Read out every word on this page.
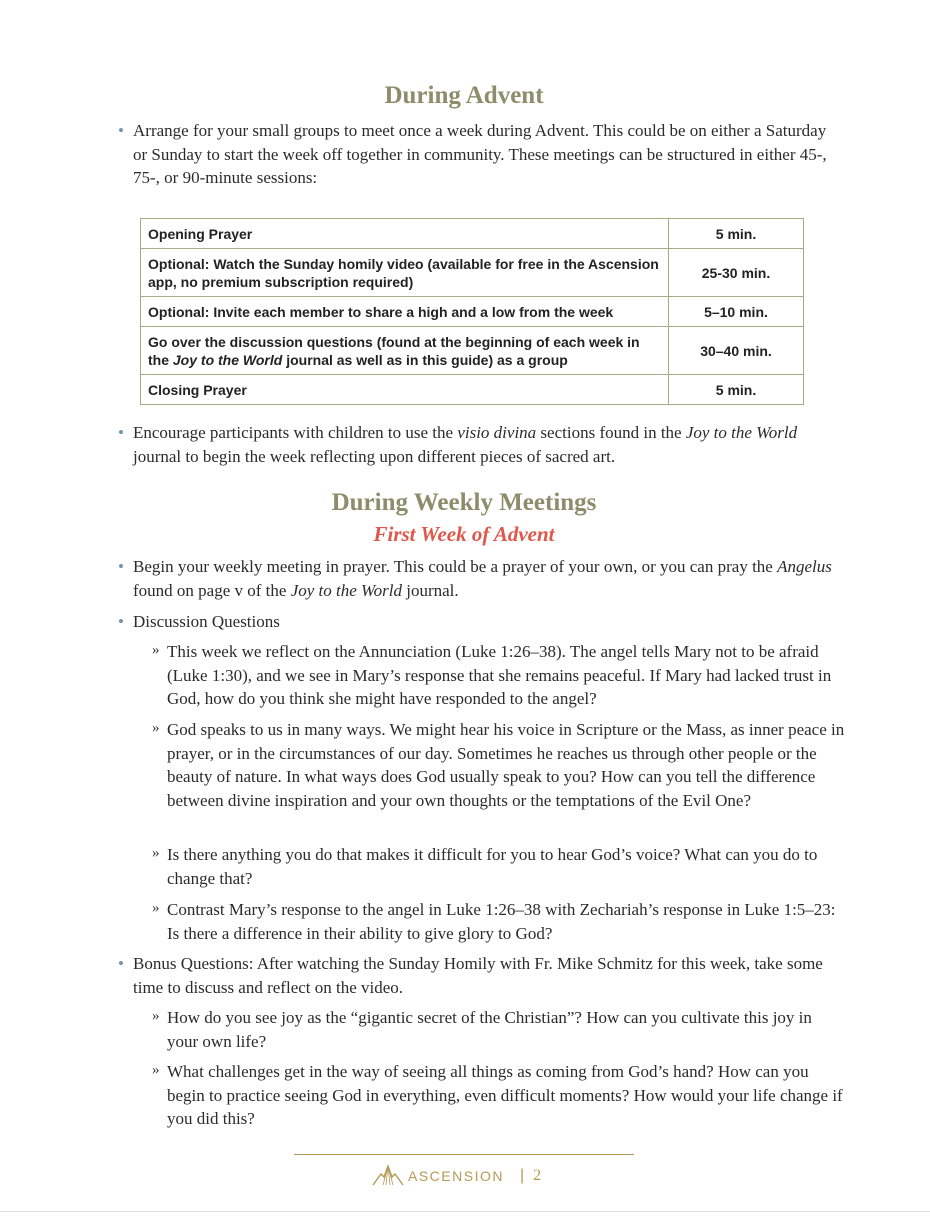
During Advent
• Arrange for your small groups to meet once a week during Advent. This could be on either a Saturday or Sunday to start the week off together in community. These meetings can be structured in either 45-, 75-, or 90-minute sessions:
Opening Prayer	5 min.
Optional: Watch the Sunday homily video (available for free in the Ascension app, no premium subscription required)	25-30 min.
Optional: Invite each member to share a high and a low from the week	5–10 min.
Go over the discussion questions (found at the beginning of each week in the Joy to the World journal as well as in this guide) as a group	30–40 min.
Closing Prayer	5 min.
• Encourage participants with children to use the visio divina sections found in the Joy to the World journal to begin the week reflecting upon different pieces of sacred art.
During Weekly Meetings
First Week of Advent
• Begin your weekly meeting in prayer. This could be a prayer of your own, or you can pray the Angelus found on page v of the Joy to the World journal.
• Discussion Questions
» This week we reflect on the Annunciation (Luke 1:26–38). The angel tells Mary not to be afraid (Luke 1:30), and we see in Mary’s response that she remains peaceful. If Mary had lacked trust in God, how do you think she might have responded to the angel?
» God speaks to us in many ways. We might hear his voice in Scripture or the Mass, as inner peace in prayer, or in the circumstances of our day. Sometimes he reaches us through other people or the beauty of nature. In what ways does God usually speak to you? How can you tell the difference between divine inspiration and your own thoughts or the temptations of the Evil One?
» Is there anything you do that makes it difficult for you to hear God’s voice? What can you do to change that?
» Contrast Mary’s response to the angel in Luke 1:26–38 with Zechariah’s response in Luke 1:5–23: Is there a difference in their ability to give glory to God?
• Bonus Questions: After watching the Sunday Homily with Fr. Mike Schmitz for this week, take some time to discuss and reflect on the video.
» How do you see joy as the “gigantic secret of the Christian”? How can you cultivate this joy in your own life?
» What challenges get in the way of seeing all things as coming from God’s hand? How can you begin to practice seeing God in everything, even difficult moments? How would your life change if you did this?
ASCENSION | 2
